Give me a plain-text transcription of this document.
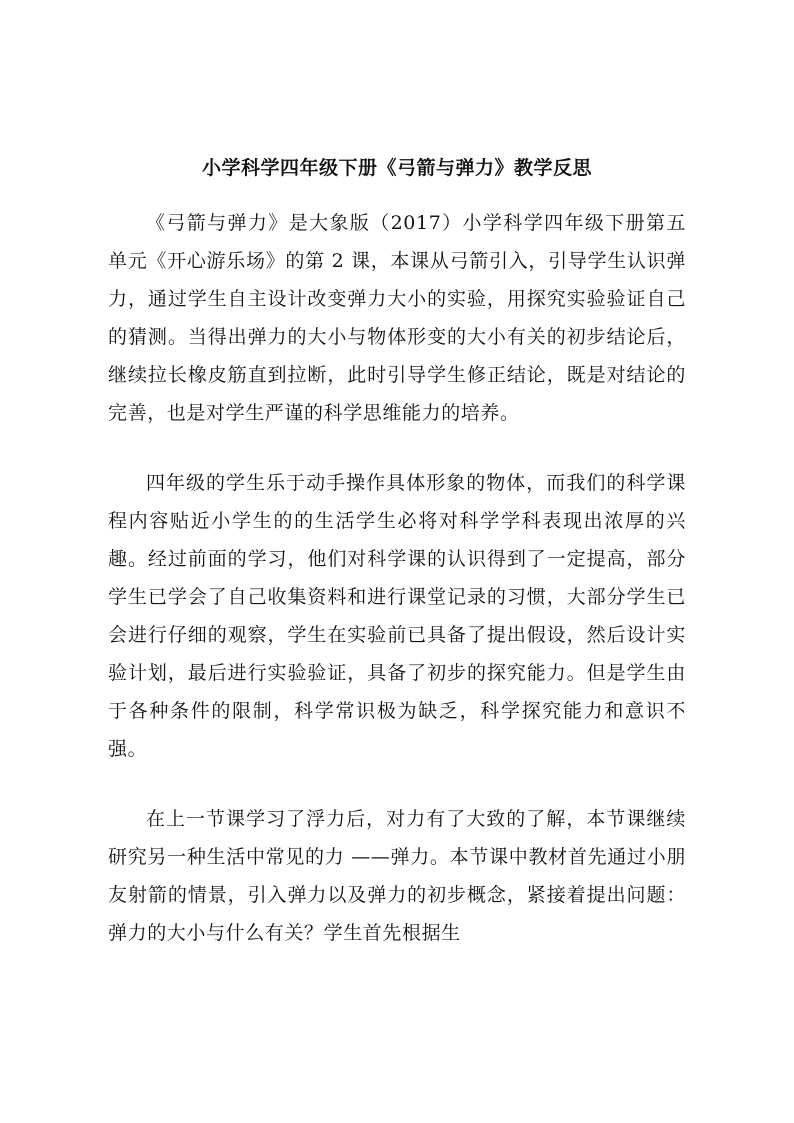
小学科学四年级下册《弓箭与弹力》教学反思

《弓箭与弹力》是大象版（2017）小学科学四年级下册第五单元《开心游乐场》的第 2 课，本课从弓箭引入，引导学生认识弹力，通过学生自主设计改变弹力大小的实验，用探究实验验证自己的猜测。当得出弹力的大小与物体形变的大小有关的初步结论后，继续拉长橡皮筋直到拉断，此时引导学生修正结论，既是对结论的完善，也是对学生严谨的科学思维能力的培养。

四年级的学生乐于动手操作具体形象的物体，而我们的科学课程内容贴近小学生的的生活学生必将对科学学科表现出浓厚的兴趣。经过前面的学习，他们对科学课的认识得到了一定提高，部分学生已学会了自己收集资料和进行课堂记录的习惯，大部分学生已会进行仔细的观察，学生在实验前已具备了提出假设，然后设计实验计划，最后进行实验验证，具备了初步的探究能力。但是学生由于各种条件的限制，科学常识极为缺乏，科学探究能力和意识不强。

在上一节课学习了浮力后，对力有了大致的了解，本节课继续研究另一种生活中常见的力 ——弹力。本节课中教材首先通过小朋友射箭的情景，引入弹力以及弹力的初步概念，紧接着提出问题：弹力的大小与什么有关？学生首先根据生
